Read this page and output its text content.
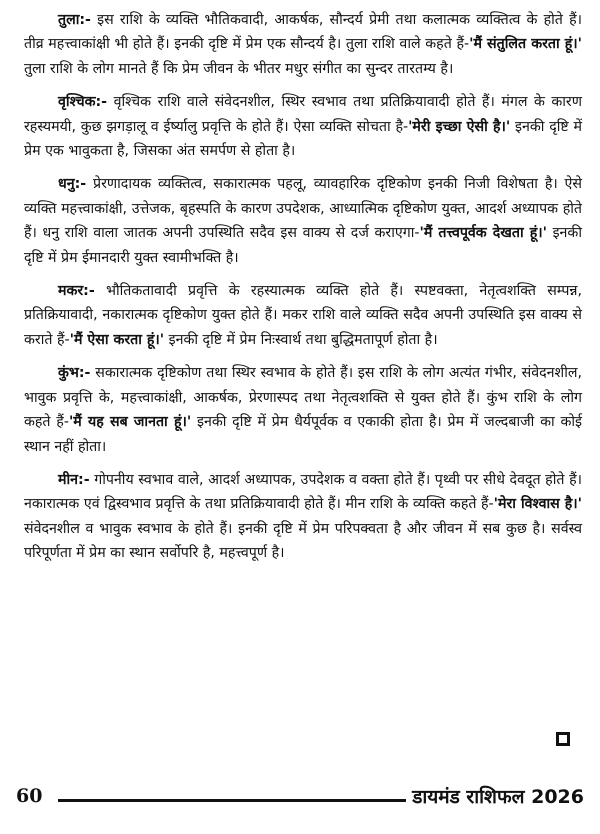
तुला:- इस राशि के व्यक्ति भौतिकवादी, आकर्षक, सौन्दर्य प्रेमी तथा कलात्मक व्यक्तित्व के होते हैं। तीव्र महत्त्वाकांक्षी भी होते हैं। इनकी दृष्टि में प्रेम एक सौन्दर्य है। तुला राशि वाले कहते हैं-'मैं संतुलित करता हूं।' तुला राशि के लोग मानते हैं कि प्रेम जीवन के भीतर मधुर संगीत का सुन्दर तारतम्य है।

वृश्चिक:- वृश्चिक राशि वाले संवेदनशील, स्थिर स्वभाव तथा प्रतिक्रियावादी होते हैं। मंगल के कारण रहस्यमयी, कुछ झगड़ालू व ईर्ष्यालु प्रवृत्ति के होते हैं। ऐसा व्यक्ति सोचता है-'मेरी इच्छा ऐसी है।' इनकी दृष्टि में प्रेम एक भावुकता है, जिसका अंत समर्पण से होता है।

धनु:- प्रेरणादायक व्यक्तित्व, सकारात्मक पहलू, व्यावहारिक दृष्टिकोण इनकी निजी विशेषता है। ऐसे व्यक्ति महत्त्वाकांक्षी, उत्तेजक, बृहस्पति के कारण उपदेशक, आध्यात्मिक दृष्टिकोण युक्त, आदर्श अध्यापक होते हैं। धनु राशि वाला जातक अपनी उपस्थिति सदैव इस वाक्य से दर्ज कराएगा-'मैं तत्त्वपूर्वक देखता हूं।' इनकी दृष्टि में प्रेम ईमानदारी युक्त स्वामीभक्ति है।

मकर:- भौतिकतावादी प्रवृत्ति के रहस्यात्मक व्यक्ति होते हैं। स्पष्टवक्ता, नेतृत्वशक्ति सम्पन्न, प्रतिक्रियावादी, नकारात्मक दृष्टिकोण युक्त होते हैं। मकर राशि वाले व्यक्ति सदैव अपनी उपस्थिति इस वाक्य से कराते हैं-'मैं ऐसा करता हूं।' इनकी दृष्टि में प्रेम निःस्वार्थ तथा बुद्धिमतापूर्ण होता है।

कुंभ:- सकारात्मक दृष्टिकोण तथा स्थिर स्वभाव के होते हैं। इस राशि के लोग अत्यंत गंभीर, संवेदनशील, भावुक प्रवृत्ति के, महत्त्वाकांक्षी, आकर्षक, प्रेरणास्पद तथा नेतृत्वशक्ति से युक्त होते हैं। कुंभ राशि के लोग कहते हैं-'मैं यह सब जानता हूं।' इनकी दृष्टि में प्रेम धैर्यपूर्वक व एकाकी होता है। प्रेम में जल्दबाजी का कोई स्थान नहीं होता।

मीन:- गोपनीय स्वभाव वाले, आदर्श अध्यापक, उपदेशक व वक्ता होते हैं। पृथ्वी पर सीधे देवदूत होते हैं। नकारात्मक एवं द्विस्वभाव प्रवृत्ति के तथा प्रतिक्रियावादी होते हैं। मीन राशि के व्यक्ति कहते हैं-'मेरा विश्वास है।' संवेदनशील व भावुक स्वभाव के होते हैं। इनकी दृष्टि में प्रेम परिपक्वता है और जीवन में सब कुछ है। सर्वस्व परिपूर्णता में प्रेम का स्थान सर्वोपरि है, महत्त्वपूर्ण है।

60	डायमंड राशिफल 2026
